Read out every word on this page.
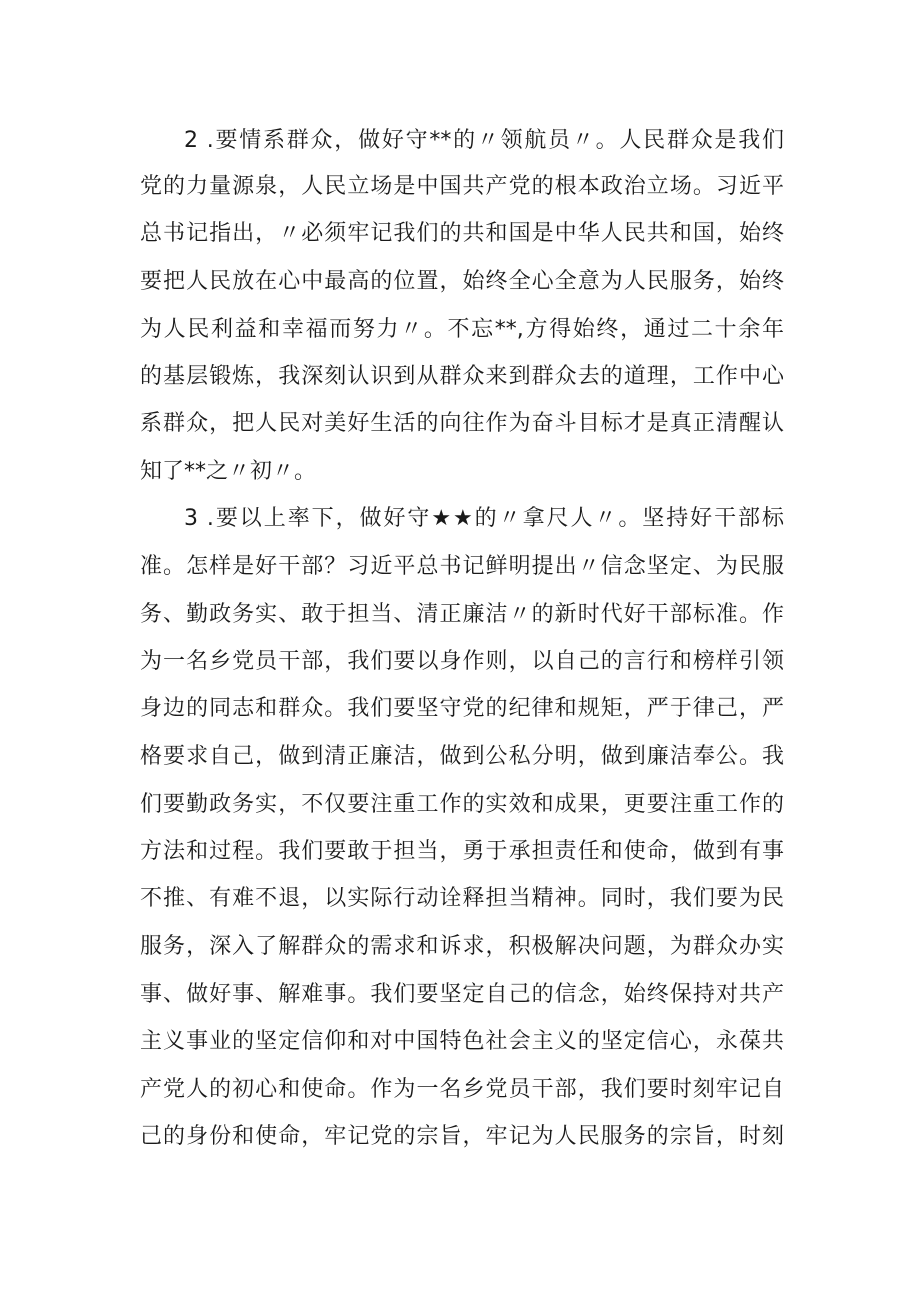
2 .要情系群众，做好守**的〃领航员〃。人民群众是我们
党的力量源泉，人民立场是中国共产党的根本政治立场。习近平
总书记指出，〃必须牢记我们的共和国是中华人民共和国，始终
要把人民放在心中最高的位置，始终全心全意为人民服务，始终
为人民利益和幸福而努力〃。不忘**,方得始终，通过二十余年
的基层锻炼，我深刻认识到从群众来到群众去的道理，工作中心
系群众，把人民对美好生活的向往作为奋斗目标才是真正清醒认
知了**之〃初〃。
3 .要以上率下，做好守★★的〃拿尺人〃。坚持好干部标
准。怎样是好干部？习近平总书记鲜明提出〃信念坚定、为民服
务、勤政务实、敢于担当、清正廉洁〃的新时代好干部标准。作
为一名乡党员干部，我们要以身作则，以自己的言行和榜样引领
身边的同志和群众。我们要坚守党的纪律和规矩，严于律己，严
格要求自己，做到清正廉洁，做到公私分明，做到廉洁奉公。我
们要勤政务实，不仅要注重工作的实效和成果，更要注重工作的
方法和过程。我们要敢于担当，勇于承担责任和使命，做到有事
不推、有难不退，以实际行动诠释担当精神。同时，我们要为民
服务，深入了解群众的需求和诉求，积极解决问题，为群众办实
事、做好事、解难事。我们要坚定自己的信念，始终保持对共产
主义事业的坚定信仰和对中国特色社会主义的坚定信心，永葆共
产党人的初心和使命。作为一名乡党员干部，我们要时刻牢记自
己的身份和使命，牢记党的宗旨，牢记为人民服务的宗旨，时刻
